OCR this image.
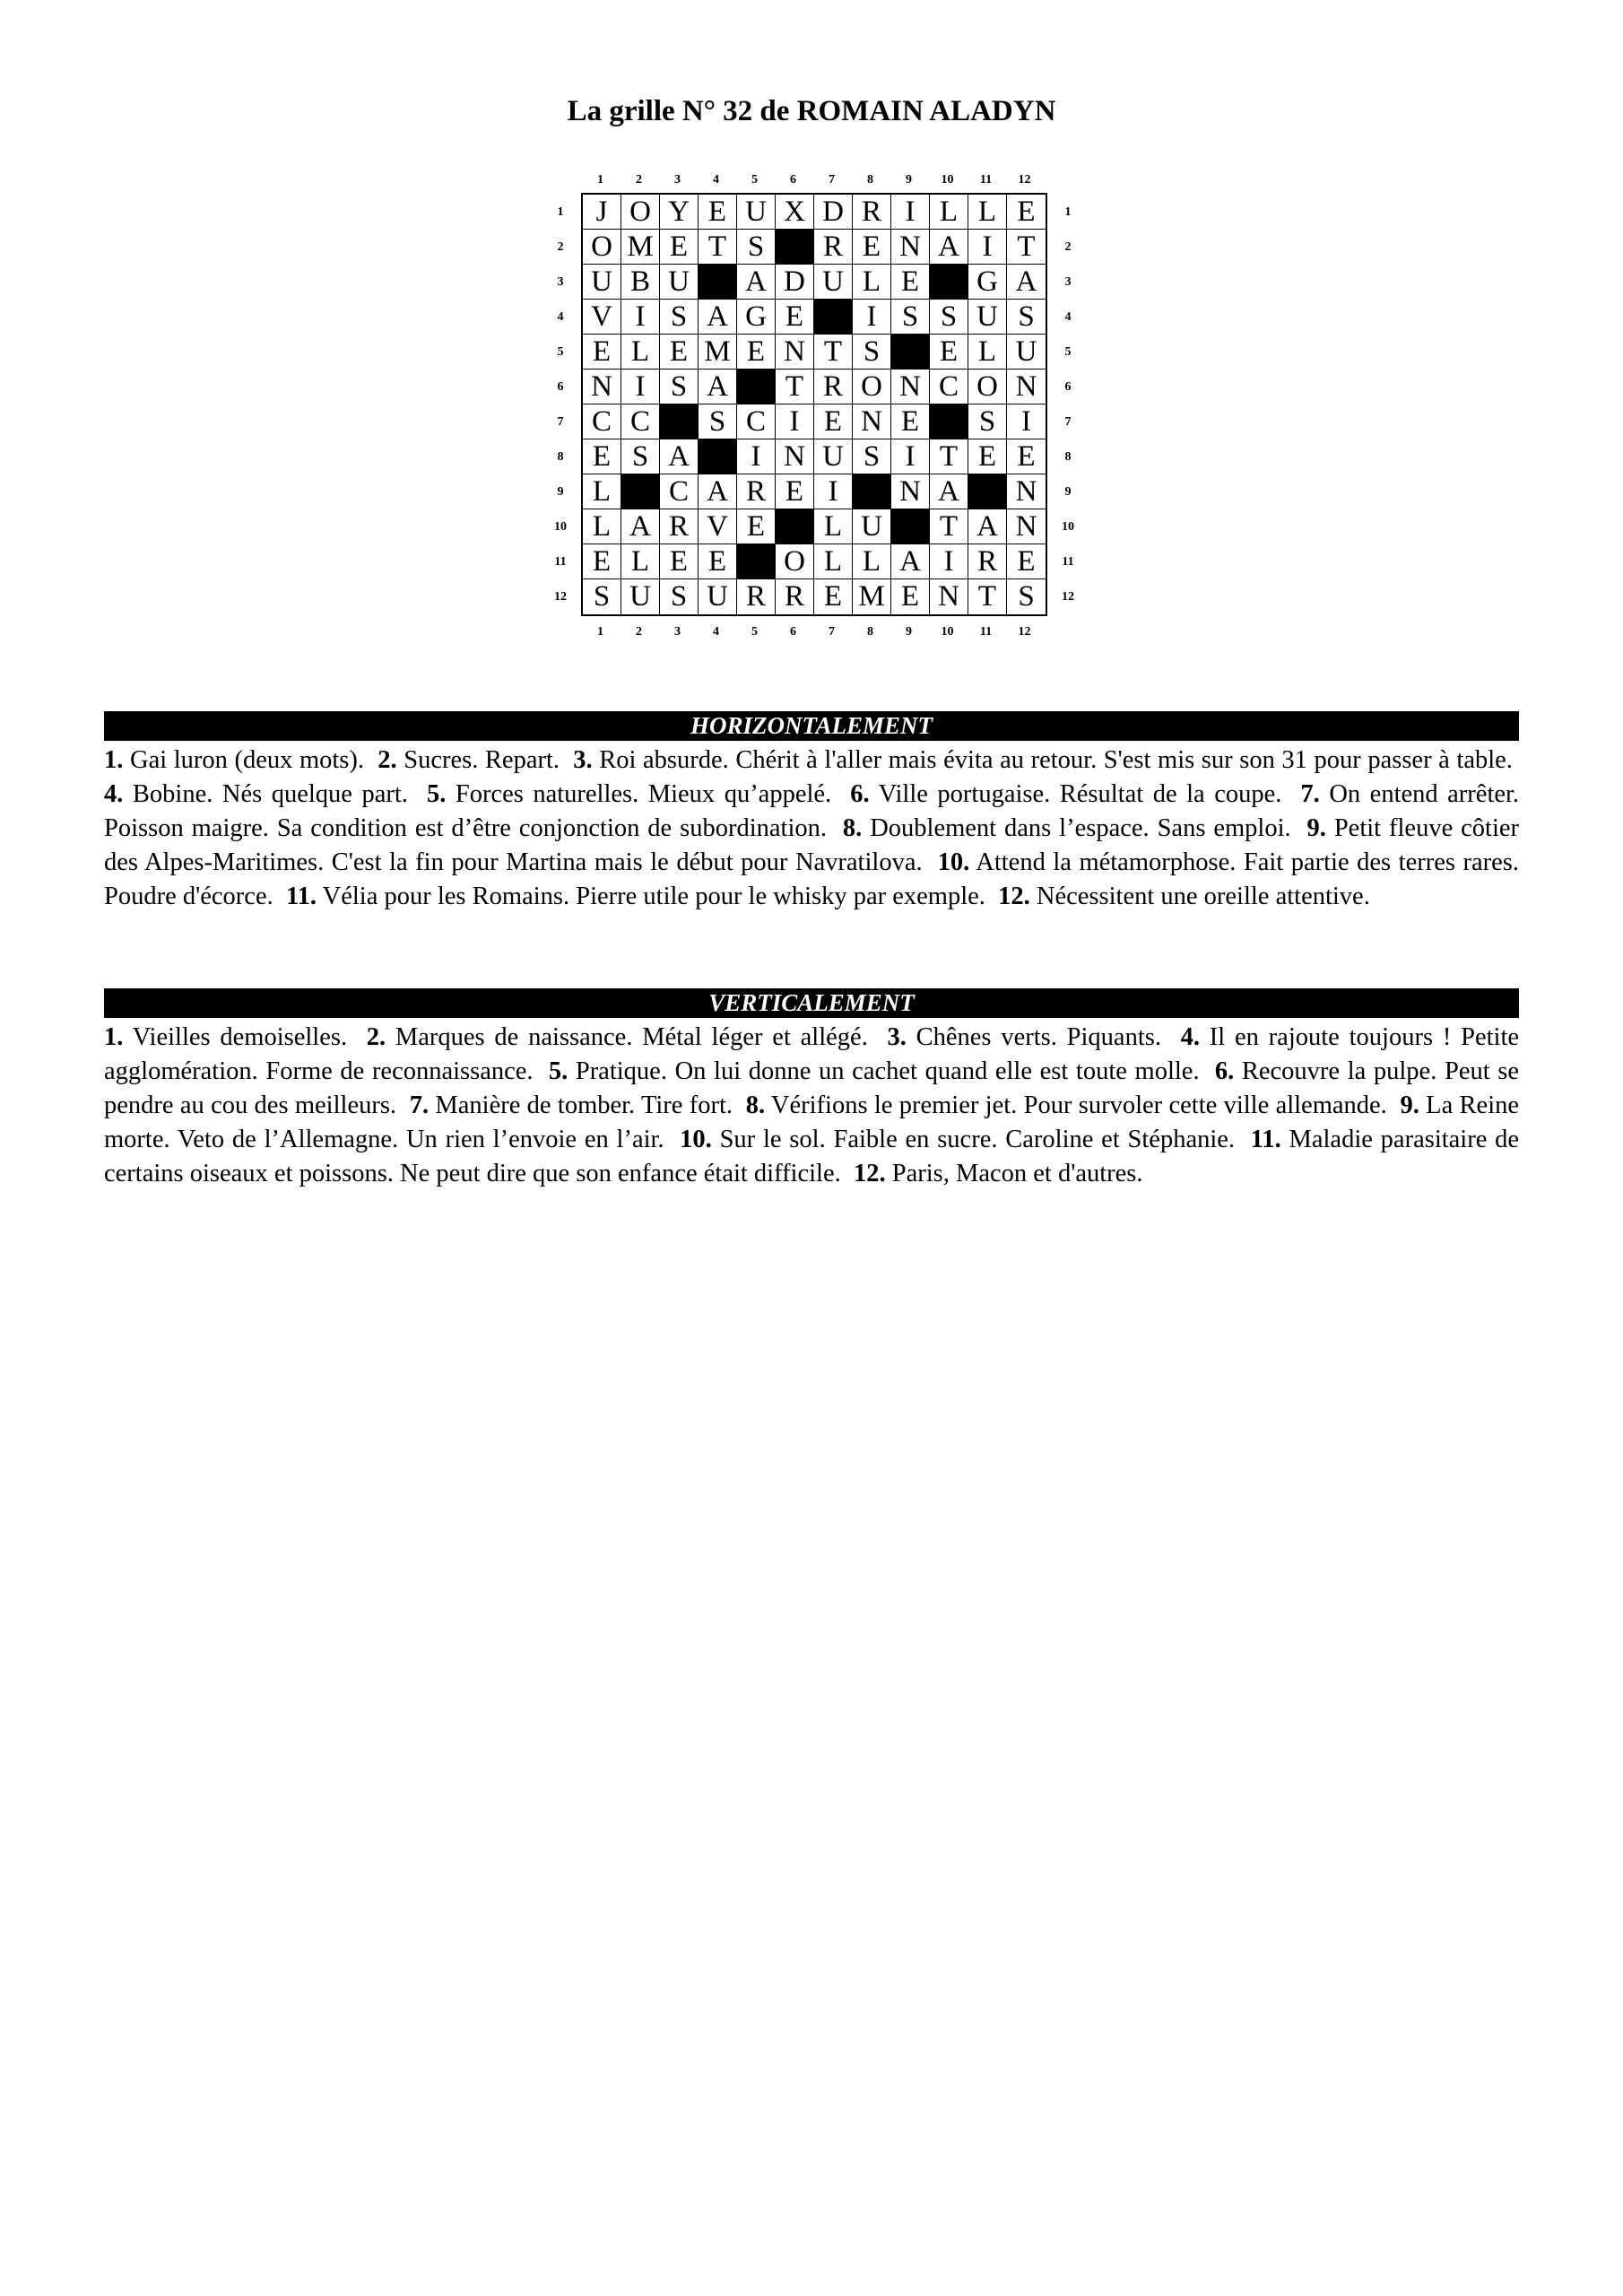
La grille N° 32 de ROMAIN ALADYN
1	2	3	4	5	6	7	8	9	10	11	12
1
2
3
4
5
6
7
8
9
10
11
12
J O Y E U X D R I L L E
O M E T S	R E N A I T
U B U	A D U L E	G A
V I S A G E	I S S U S
E L E M E N T S	E L U
N I S A	T R O N C O N
C C	S C I E N E	S I
E S A	I N U S I T E E
L	C A R E I	N A	N
L A R V E	L U	T A N
E L E E	O L L A I R E
S U S U R R E M E N T S
1
2
3
4
5
6
7
8
9
10
11
12
1	2	3	4	5	6	7	8	9	10	11	12
HORIZONTALEMENT
1. Gai luron (deux mots). 2. Sucres. Repart. 3. Roi absurde. Chérit à l'aller mais évita au retour. S'est mis sur son 31 pour passer à table.  4. Bobine. Nés quelque part. 5. Forces naturelles. Mieux qu’appelé. 6. Ville portugaise. Résultat de la coupe. 7. On entend arrêter. Poisson maigre. Sa condition est d’être conjonction de subordination. 8. Doublement dans l’espace. Sans emploi. 9. Petit fleuve côtier des Alpes-Maritimes. C'est la fin pour Martina mais le début pour Navratilova. 10. Attend la métamorphose. Fait partie des terres rares. Poudre d'écorce. 11. Vélia pour les Romains. Pierre utile pour le whisky par exemple. 12. Nécessitent une oreille attentive.
VERTICALEMENT
1. Vieilles demoiselles. 2. Marques de naissance. Métal léger et allégé. 3. Chênes verts. Piquants. 4. Il en rajoute toujours ! Petite agglomération. Forme de reconnaissance. 5. Pratique. On lui donne un cachet quand elle est toute molle. 6. Recouvre la pulpe. Peut se pendre au cou des meilleurs. 7. Manière de tomber. Tire fort. 8. Vérifions le premier jet. Pour survoler cette ville allemande. 9. La Reine morte. Veto de l’Allemagne. Un rien l’envoie en l’air. 10. Sur le sol. Faible en sucre. Caroline et Stéphanie. 11. Maladie parasitaire de certains oiseaux et poissons. Ne peut dire que son enfance était difficile. 12. Paris, Macon et d'autres.
